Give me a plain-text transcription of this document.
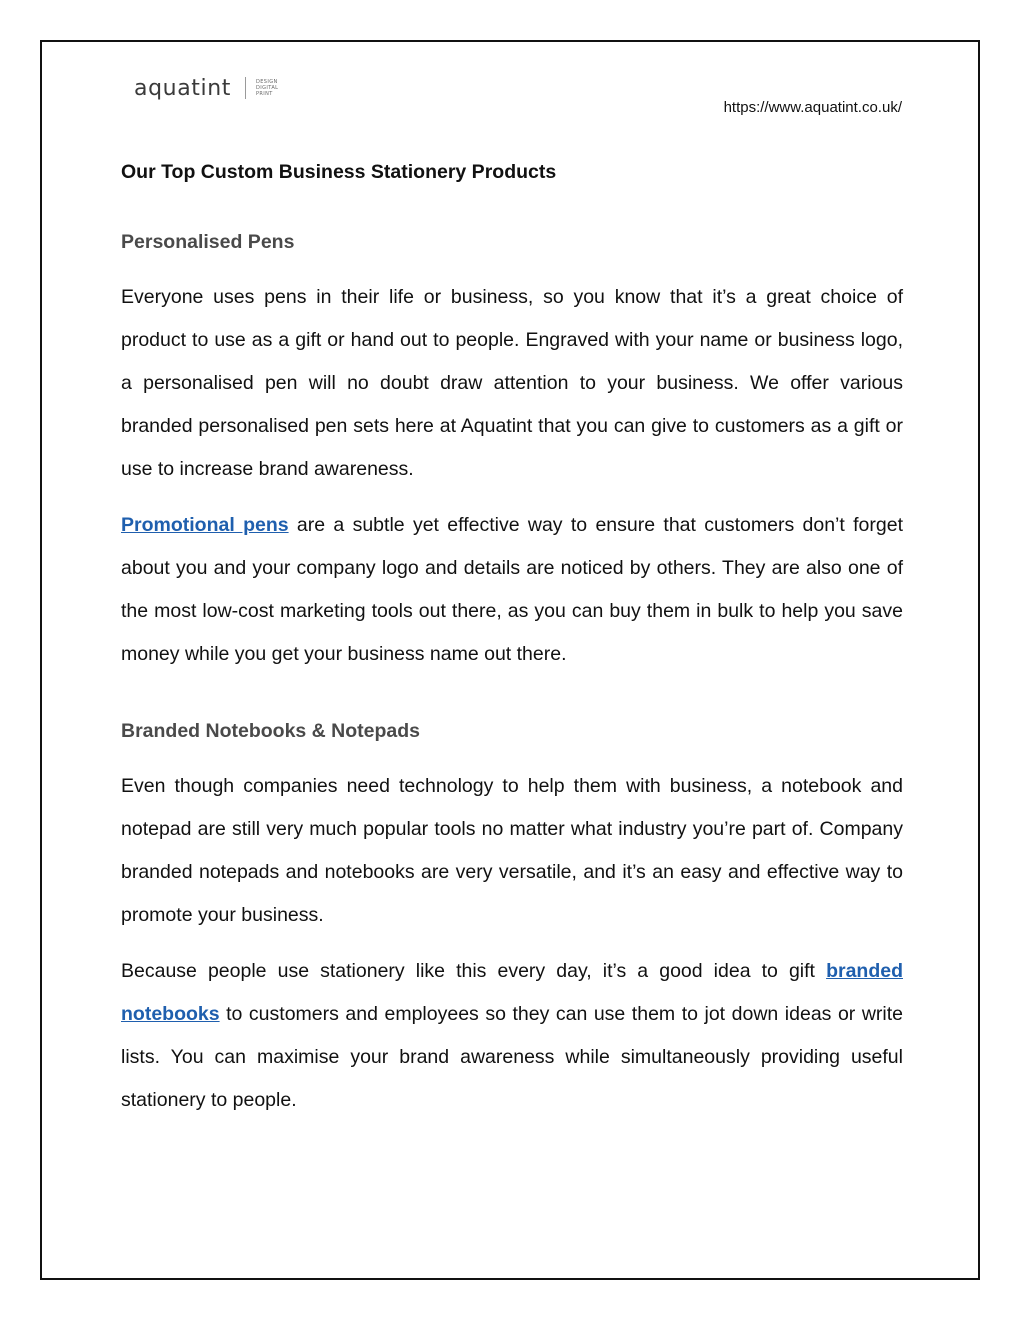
aquatint	DESIGN
DIGITAL
PRINT
https://www.aquatint.co.uk/
Our Top Custom Business Stationery Products
Personalised Pens

Everyone uses pens in their life or business, so you know that it’s a great choice of product to use as a gift or hand out to people. Engraved with your name or business logo, a personalised pen will no doubt draw attention to your business. We offer various branded personalised pen sets here at Aquatint that you can give to customers as a gift or use to increase brand awareness.

Promotional pens are a subtle yet effective way to ensure that customers don’t forget about you and your company logo and details are noticed by others. They are also one of the most low-cost marketing tools out there, as you can buy them in bulk to help you save money while you get your business name out there.

Branded Notebooks & Notepads

Even though companies need technology to help them with business, a notebook and notepad are still very much popular tools no matter what industry you’re part of. Company branded notepads and notebooks are very versatile, and it’s an easy and effective way to promote your business.

Because people use stationery like this every day, it’s a good idea to gift branded notebooks to customers and employees so they can use them to jot down ideas or write lists. You can maximise your brand awareness while simultaneously providing useful stationery to people.
